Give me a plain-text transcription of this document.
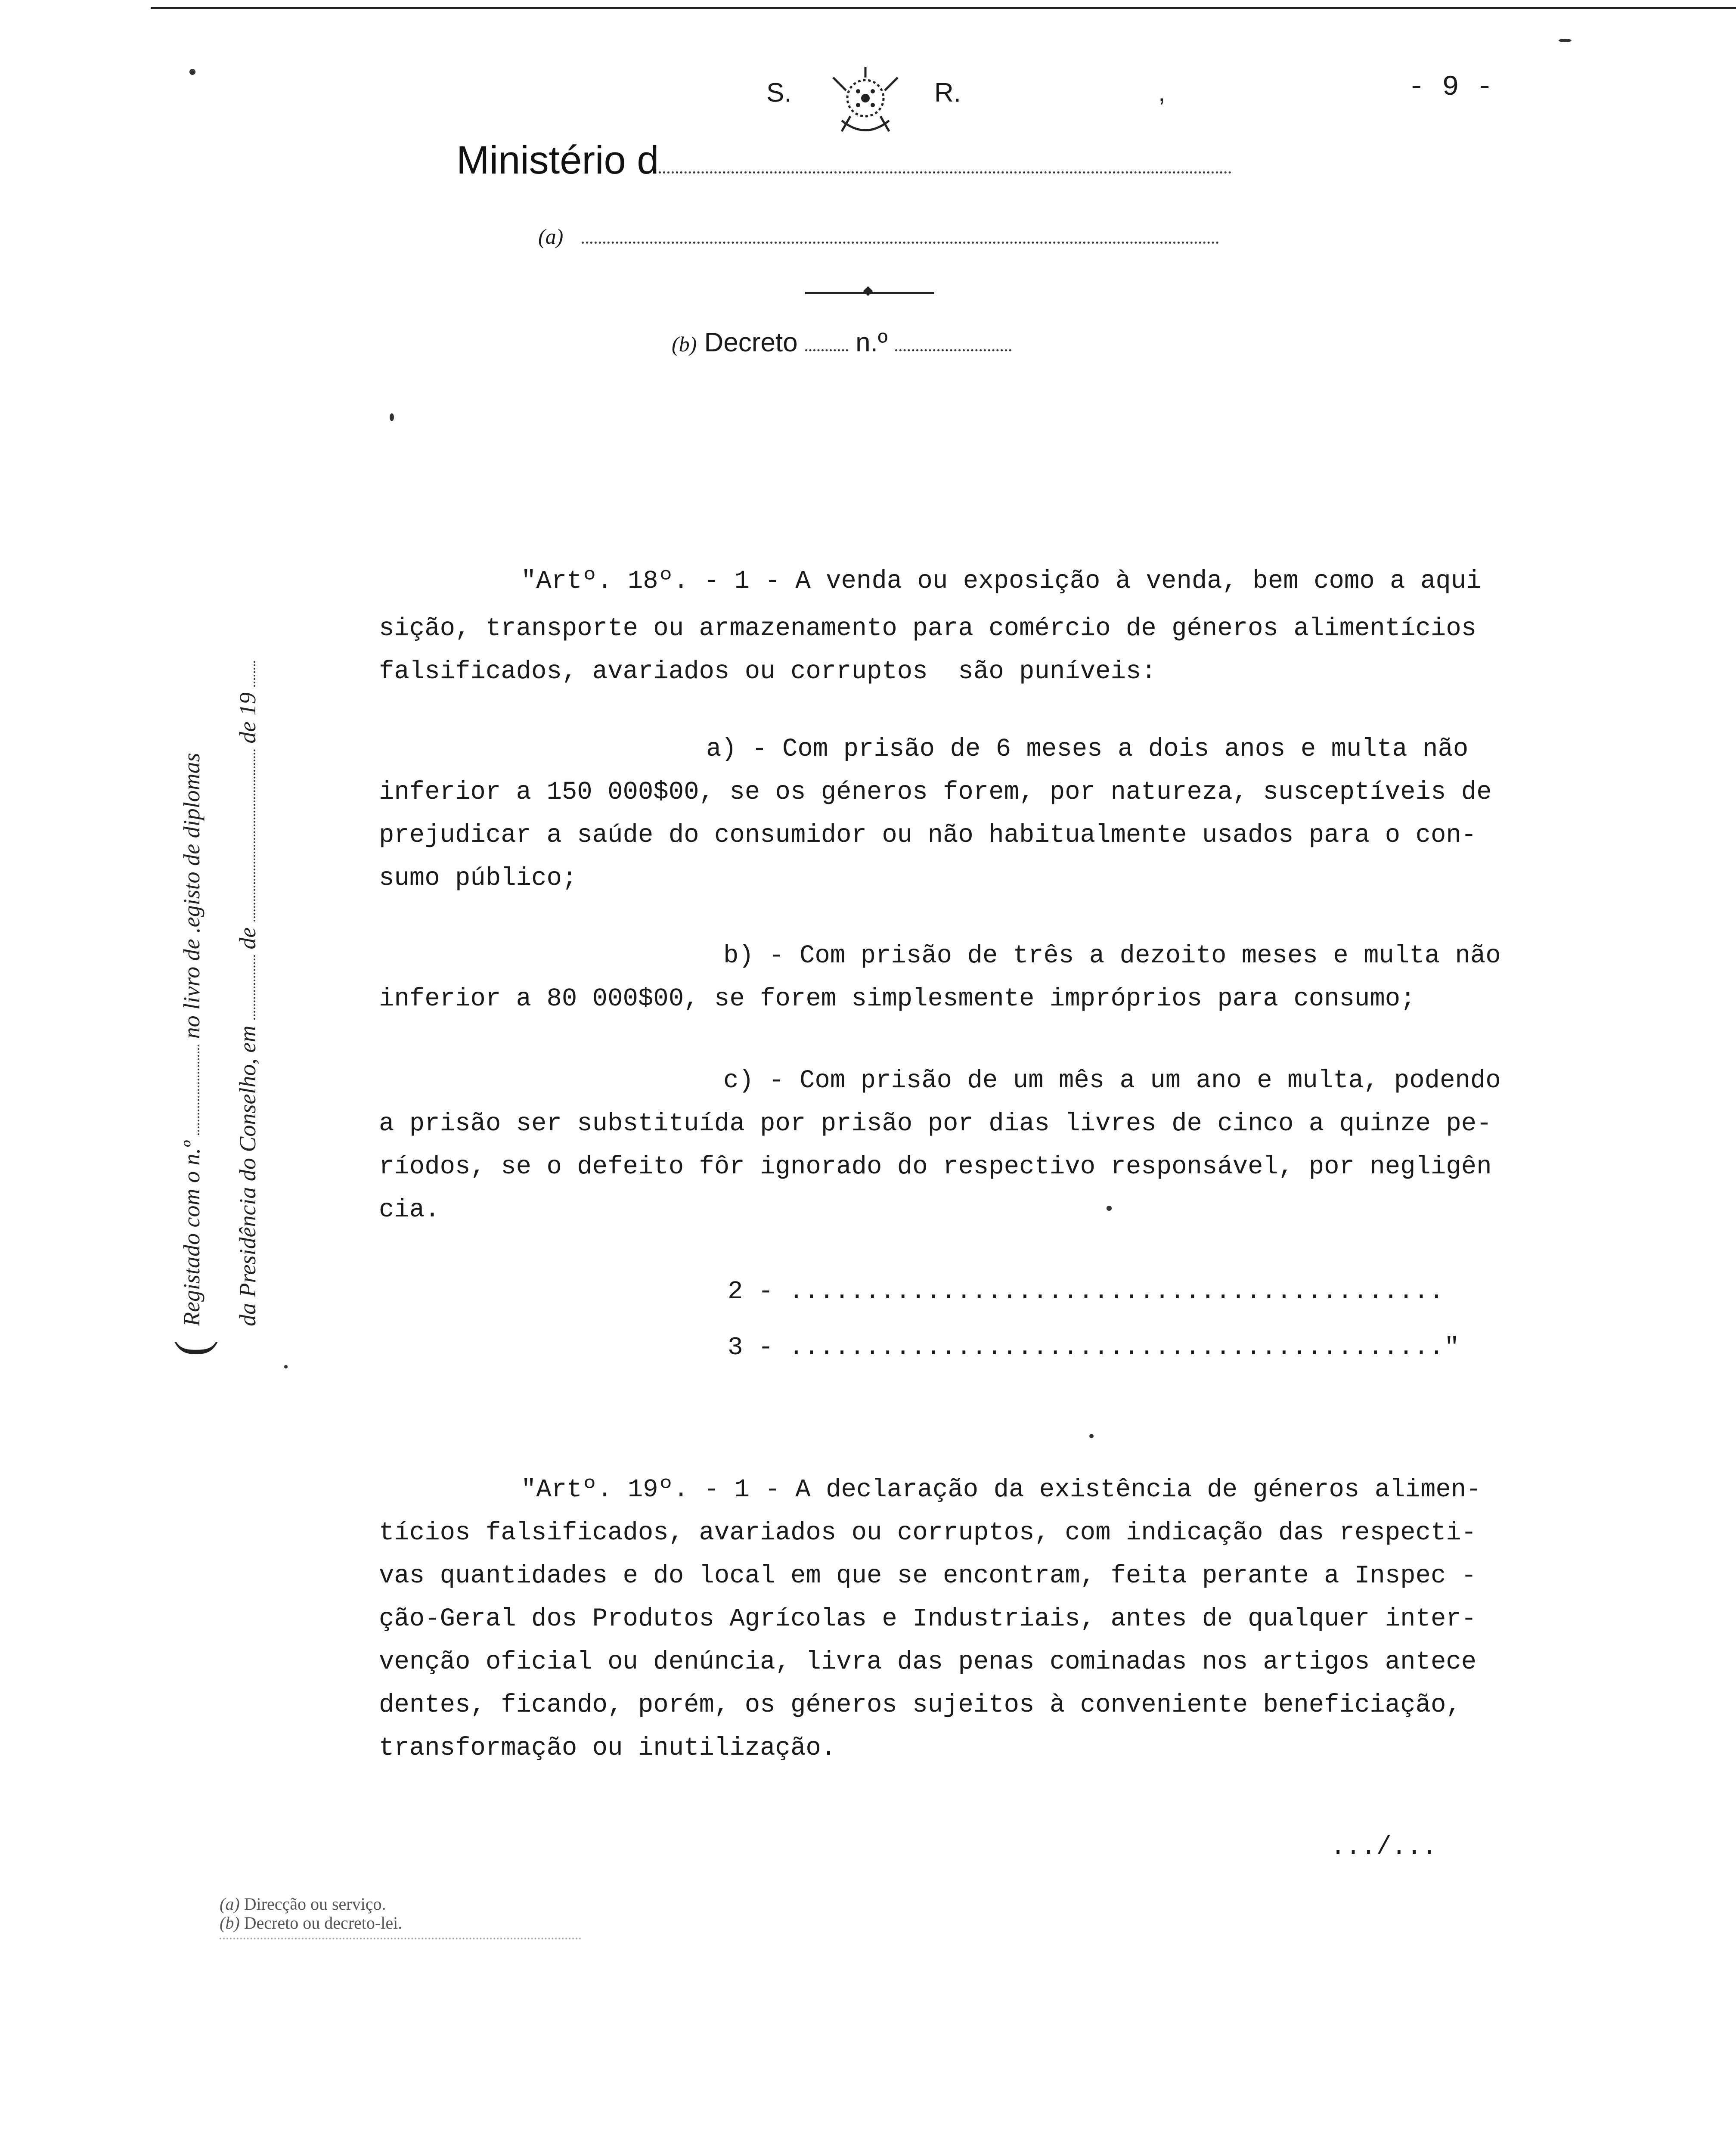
S.	R.	,	- 9 -
Ministério d
(a)
(b) Decreto n.º
(
Registado com o n.º  no livro de .egisto de diplomas
da Presidência do Conselho, em  de  de 19
"Artº. 18º. - 1 - A venda ou exposição à venda, bem como a aqui
sição, transporte ou armazenamento para comércio de géneros alimentícios
falsificados, avariados ou corruptos  são puníveis:
a) - Com prisão de 6 meses a dois anos e multa não
inferior a 150 000$00, se os géneros forem, por natureza, susceptíveis de
prejudicar a saúde do consumidor ou não habitualmente usados para o con-
sumo público;
b) - Com prisão de três a dezoito meses e multa não
inferior a 80 000$00, se forem simplesmente impróprios para consumo;
c) - Com prisão de um mês a um ano e multa, podendo
a prisão ser substituída por prisão por dias livres de cinco a quinze pe-
ríodos, se o defeito fôr ignorado do respectivo responsável, por negligên
cia.
2 - ...........................................
3 - ..........................................."
"Artº. 19º. - 1 - A declaração da existência de géneros alimen-
tícios falsificados, avariados ou corruptos, com indicação das respecti-
vas quantidades e do local em que se encontram, feita perante a Inspec -
ção-Geral dos Produtos Agrícolas e Industriais, antes de qualquer inter-
venção oficial ou denúncia, livra das penas cominadas nos artigos antece
dentes, ficando, porém, os géneros sujeitos à conveniente beneficiação,
transformação ou inutilização.
.../...
(a) Direcção ou serviço.
(b) Decreto ou decreto-lei.
